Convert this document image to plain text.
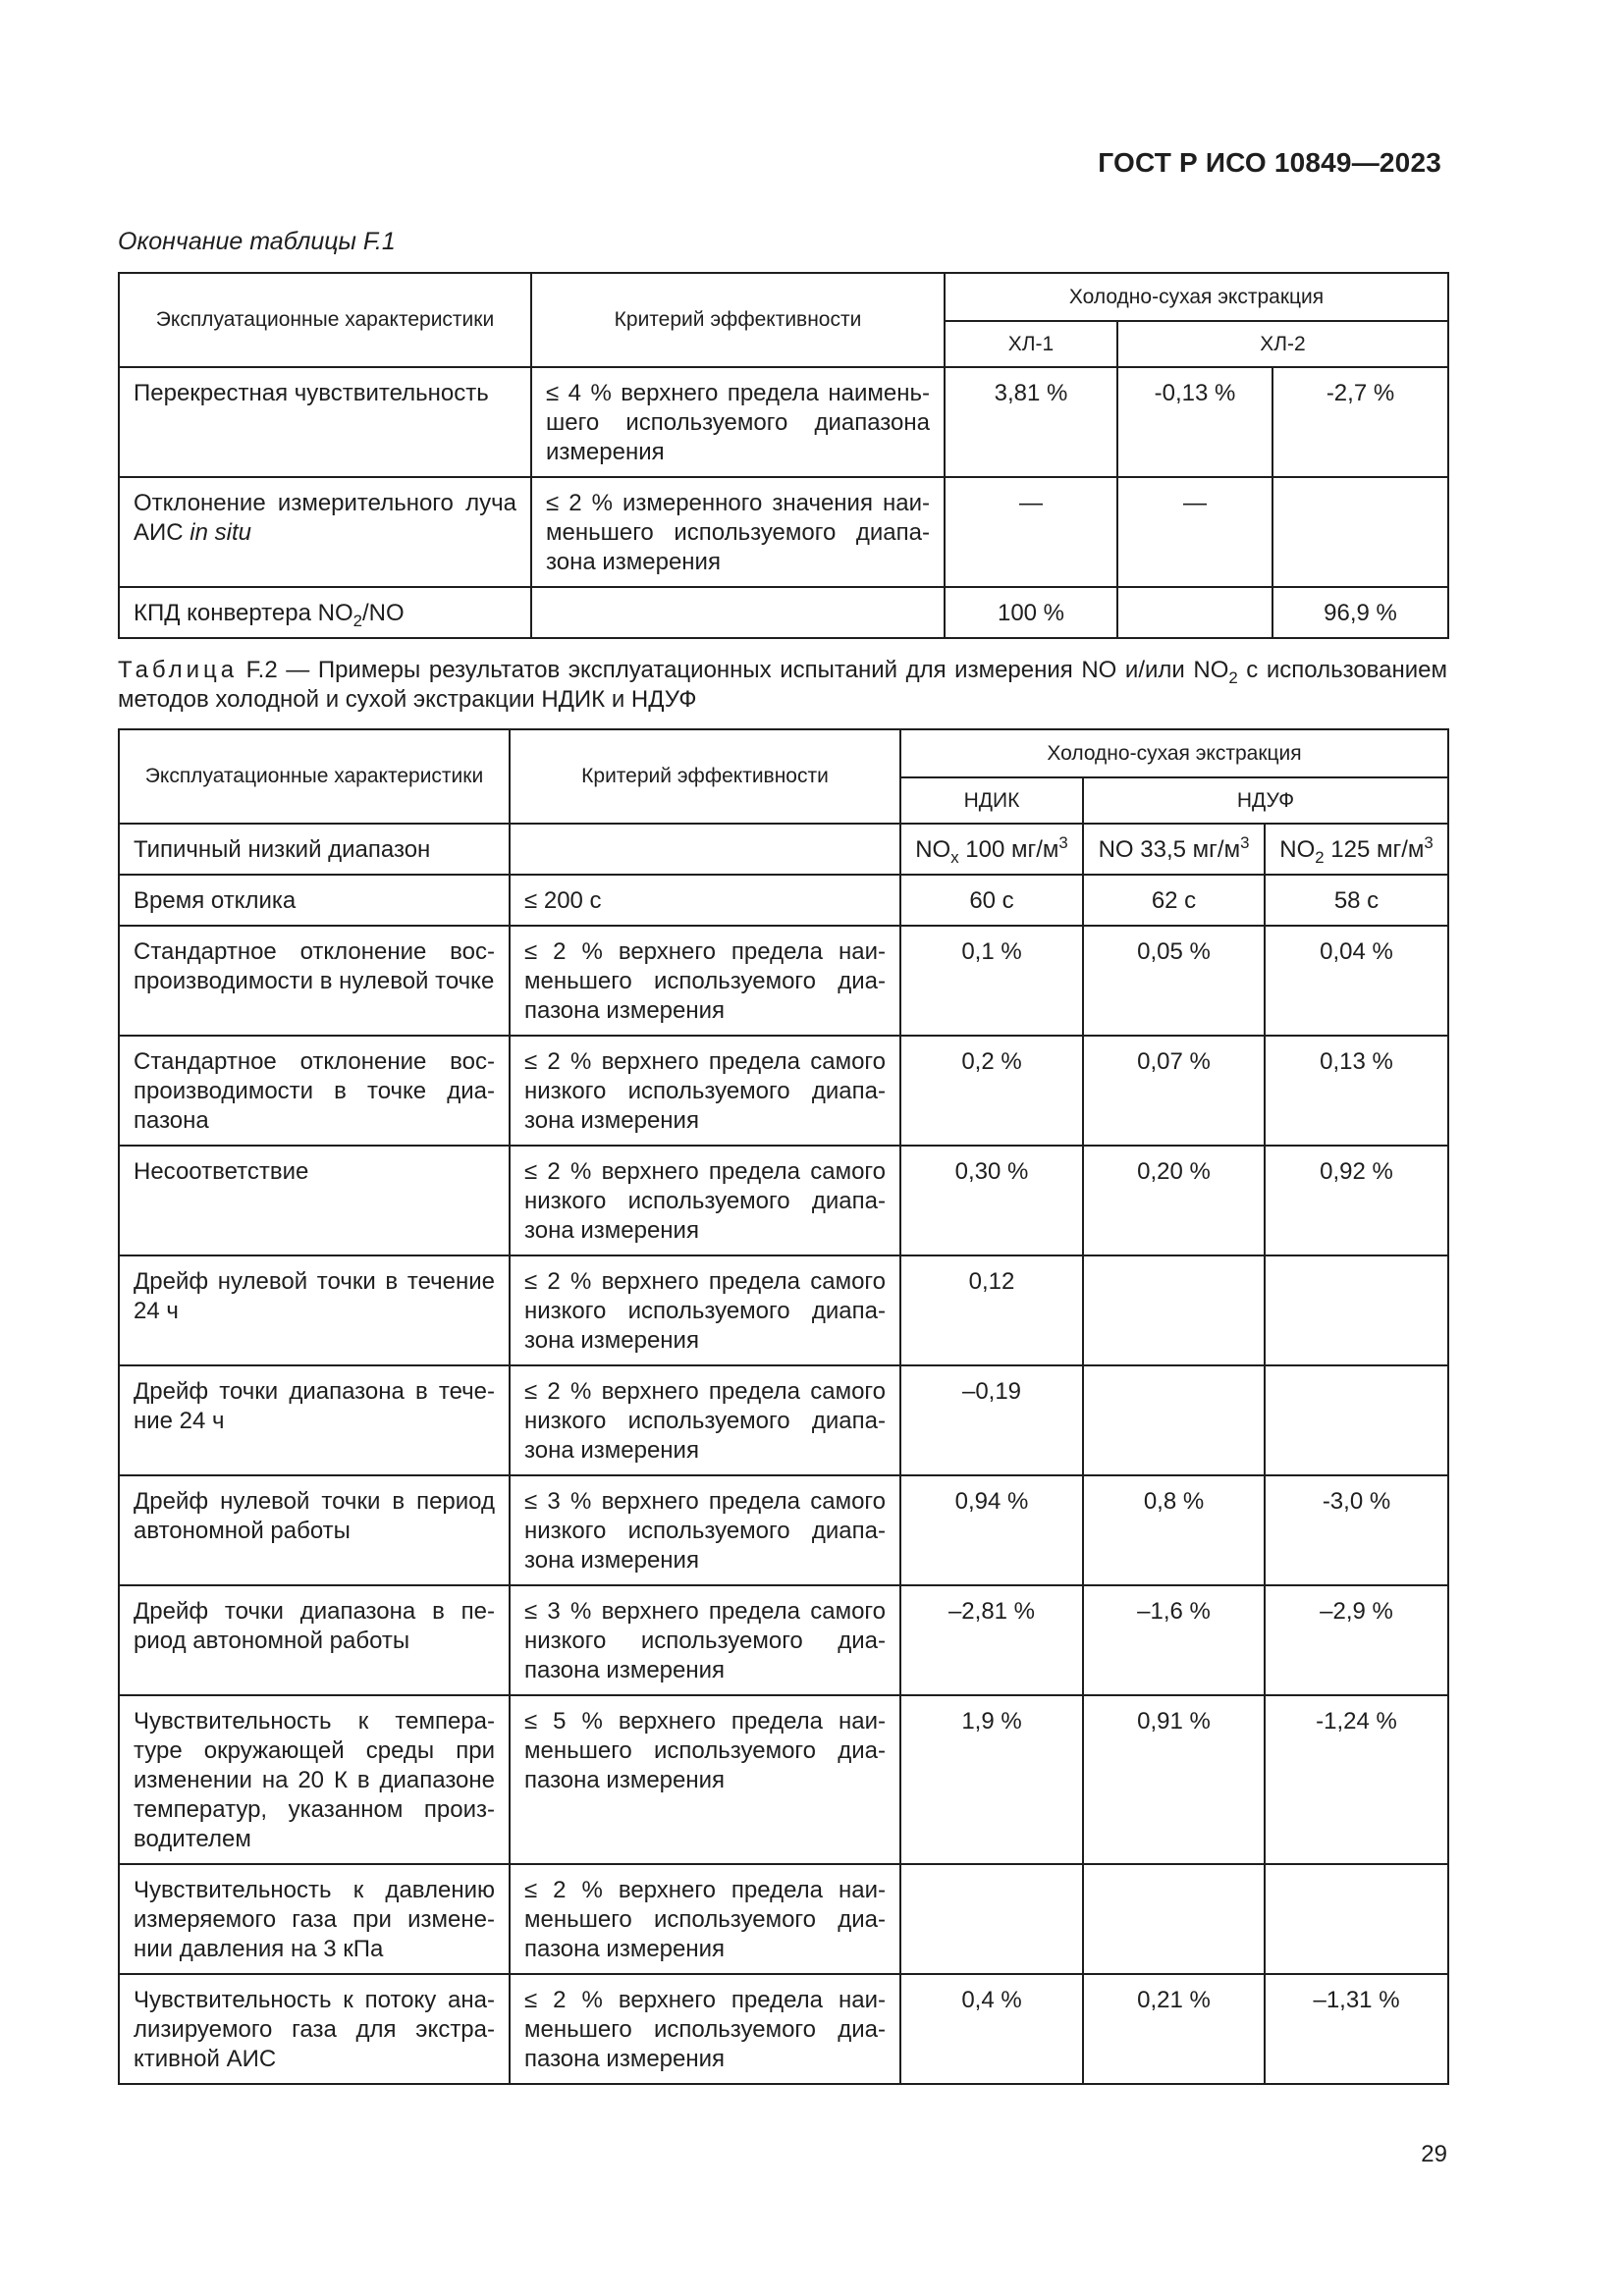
ГОСТ Р ИСО 10849—2023
Окончание таблицы F.1
Эксплуатационные характеристики	Критерий эффективности	Холодно-сухая экстракция		
		ХЛ-1	ХЛ-2	
Перекрестная чувствительность	≤ 4 % верхнего предела наименьшего используемого диапазона измерения	3,81 %	-0,13 %	-2,7 %
Отклонение измерительного луча АИС in situ	≤ 2 % измеренного значения наименьшего используемого диапазона измерения	—	—	
КПД конвертера $NO_2/NO$		100 %		96,9 %
Таблица F.2 — Примеры результатов эксплуатационных испытаний для измерения NO и/или $NO_2$ с использованием методов холодной и сухой экстракции НДИК и НДУФ
Эксплуатационные характеристики	Критерий эффективности	Холодно-сухая экстракция		
		НДИК	НДУФ	
Типичный низкий диапазон		$NO_x$ 100 $мг/м^3$	NO 33,5 $мг/м^3$	$NO_2$ 125 $мг/м^3$
Время отклика	≤ 200 с	60 с	62 с	58 с
Стандартное отклонение воспроизводимости в нулевой точке	≤ 2 % верхнего предела наименьшего используемого диапазона измерения	0,1 %	0,05 %	0,04 %
Стандартное отклонение воспроизводимости в точке диапазона	≤ 2 % верхнего предела самого низкого используемого диапазона измерения	0,2 %	0,07 %	0,13 %
Несоответствие	≤ 2 % верхнего предела самого низкого используемого диапазона измерения	0,30 %	0,20 %	0,92 %
Дрейф нулевой точки в течение 24 ч	≤ 2 % верхнего предела самого низкого используемого диапазона измерения	0,12		
Дрейф точки диапазона в течение 24 ч	≤ 2 % верхнего предела самого низкого используемого диапазона измерения	–0,19		
Дрейф нулевой точки в период автономной работы	≤ 3 % верхнего предела самого низкого используемого диапазона измерения	0,94 %	0,8 %	-3,0 %
Дрейф точки диапазона в период автономной работы	≤ 3 % верхнего предела самого низкого используемого диапазона измерения	–2,81 %	–1,6 %	–2,9 %
Чувствительность к температуре окружающей среды при изменении на 20 К в диапазоне температур, указанном производителем	≤ 5 % верхнего предела наименьшего используемого диапазона измерения	1,9 %	0,91 %	-1,24 %
Чувствительность к давлению измеряемого газа при изменении давления на 3 кПа	≤ 2 % верхнего предела наименьшего используемого диапазона измерения			
Чувствительность к потоку анализируемого газа для экстрактивной АИС	≤ 2 % верхнего предела наименьшего используемого диапазона измерения	0,4 %	0,21 %	–1,31 %
29
